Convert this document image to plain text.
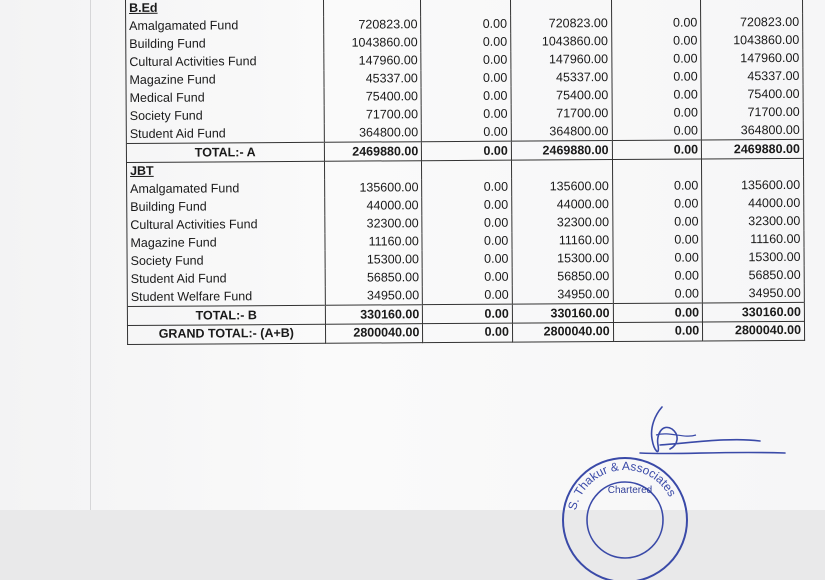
B.Ed					
Amalgamated Fund	720823.00	0.00	720823.00	0.00	720823.00
Building Fund	1043860.00	0.00	1043860.00	0.00	1043860.00
Cultural Activities Fund	147960.00	0.00	147960.00	0.00	147960.00
Magazine Fund	45337.00	0.00	45337.00	0.00	45337.00
Medical Fund	75400.00	0.00	75400.00	0.00	75400.00
Society Fund	71700.00	0.00	71700.00	0.00	71700.00
Student Aid Fund	364800.00	0.00	364800.00	0.00	364800.00
TOTAL:- A	2469880.00	0.00	2469880.00	0.00	2469880.00
JBT					
Amalgamated Fund	135600.00	0.00	135600.00	0.00	135600.00
Building Fund	44000.00	0.00	44000.00	0.00	44000.00
Cultural Activities Fund	32300.00	0.00	32300.00	0.00	32300.00
Magazine Fund	11160.00	0.00	11160.00	0.00	11160.00
Society Fund	15300.00	0.00	15300.00	0.00	15300.00
Student Aid Fund	56850.00	0.00	56850.00	0.00	56850.00
Student Welfare Fund	34950.00	0.00	34950.00	0.00	34950.00
TOTAL:- B	330160.00	0.00	330160.00	0.00	330160.00
GRAND TOTAL:- (A+B)	2800040.00	0.00	2800040.00	0.00	2800040.00
S. Thakur & Associates
Chartered
